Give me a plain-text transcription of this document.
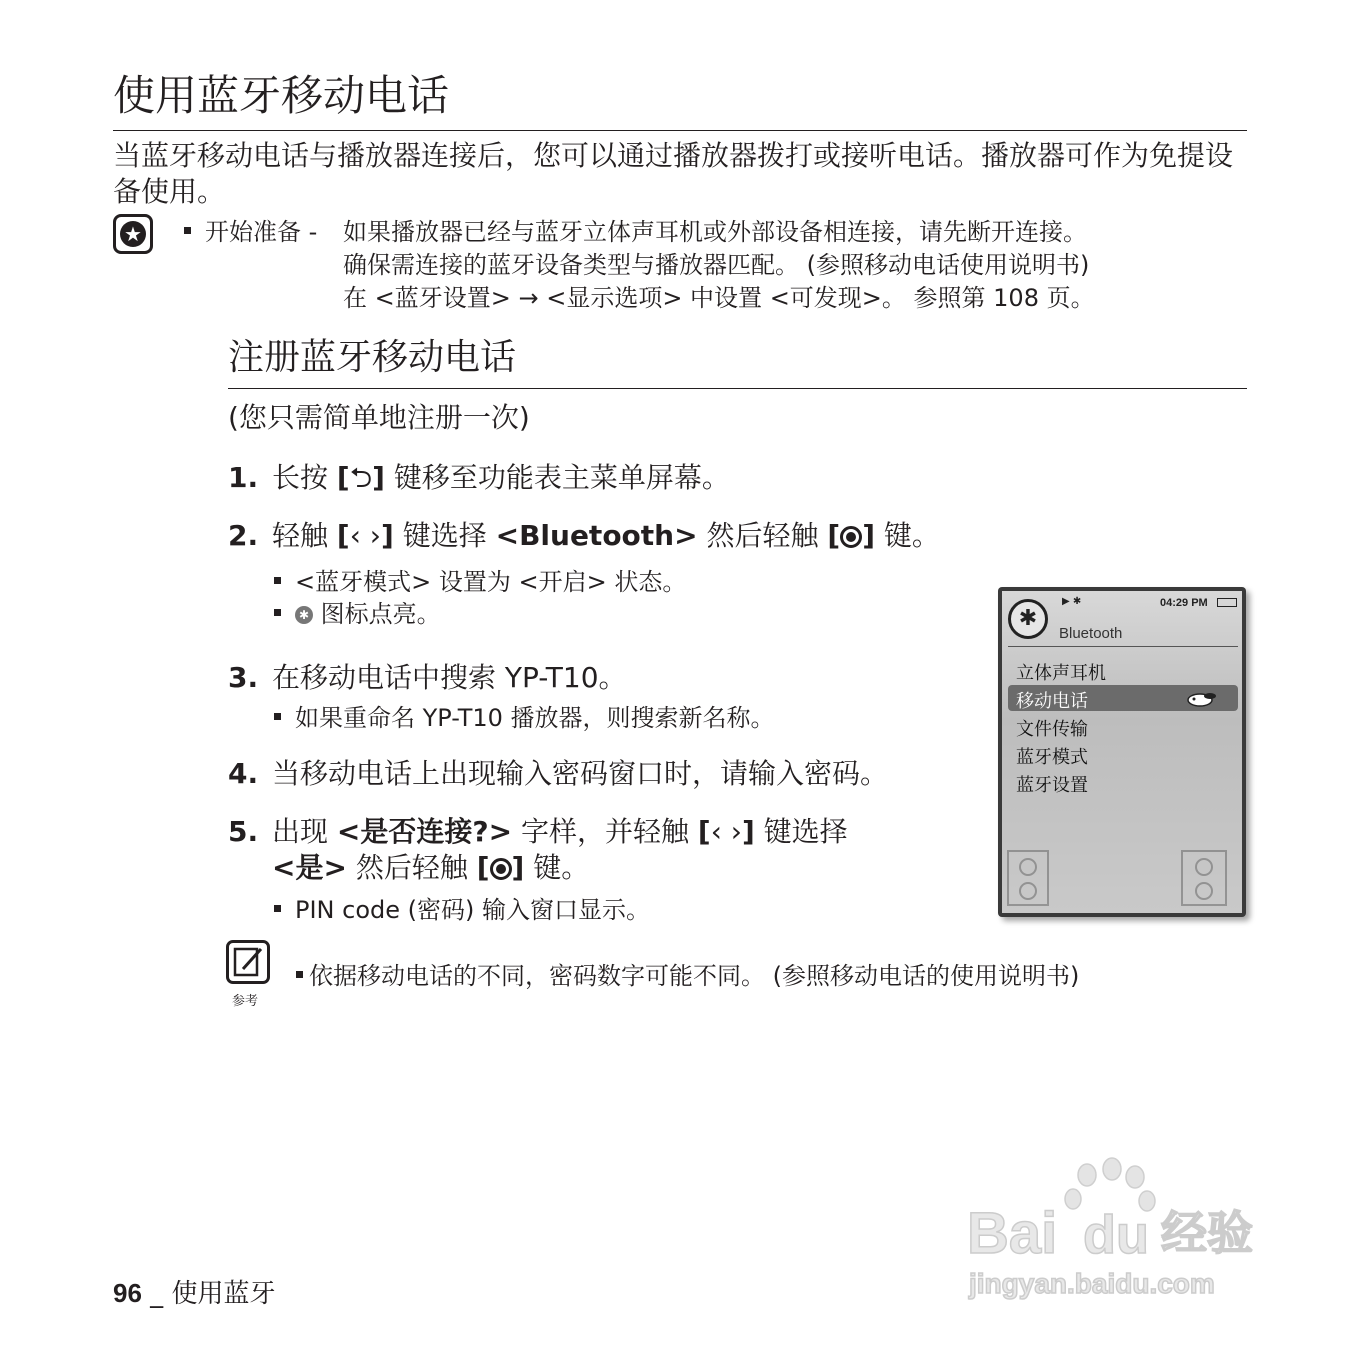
使用蓝牙移动电话
当蓝牙移动电话与播放器连接后，您可以通过播放器拨打或接听电话。播放器可作为免提设备使用。
★	开始准备 - 如果播放器已经与蓝牙立体声耳机或外部设备相连接，请先断开连接。
确保需连接的蓝牙设备类型与播放器匹配。 (参照移动电话使用说明书)
在 <蓝牙设置> → <显示选项> 中设置 <可发现>。 参照第 108 页。
注册蓝牙移动电话
(您只需简单地注册一次)
1. 长按 [⮌] 键移至功能表主菜单屏幕。
2. 轻触 [‹ ›] 键选择 <Bluetooth> 然后轻触 [ ] 键。
<蓝牙模式> 设置为 <开启> 状态。
✱ 图标点亮。
3. 在移动电话中搜索 YP-T10。
如果重命名 YP-T10 播放器，则搜索新名称。
4. 当移动电话上出现输入密码窗口时，请输入密码。
5. 出现 <是否连接?> 字样，并轻触 [‹ ›] 键选择
<是> 然后轻触 [ ] 键。
PIN code (密码) 输入窗口显示。
▶ ✱	04:29 PM
✱
Bluetooth
立体声耳机
移动电话
文件传输
蓝牙模式
蓝牙设置
参考
依据移动电话的不同，密码数字可能不同。 (参照移动电话的使用说明书)
96 _ 使用蓝牙
Bai du 经验
jingyan.baidu.com
